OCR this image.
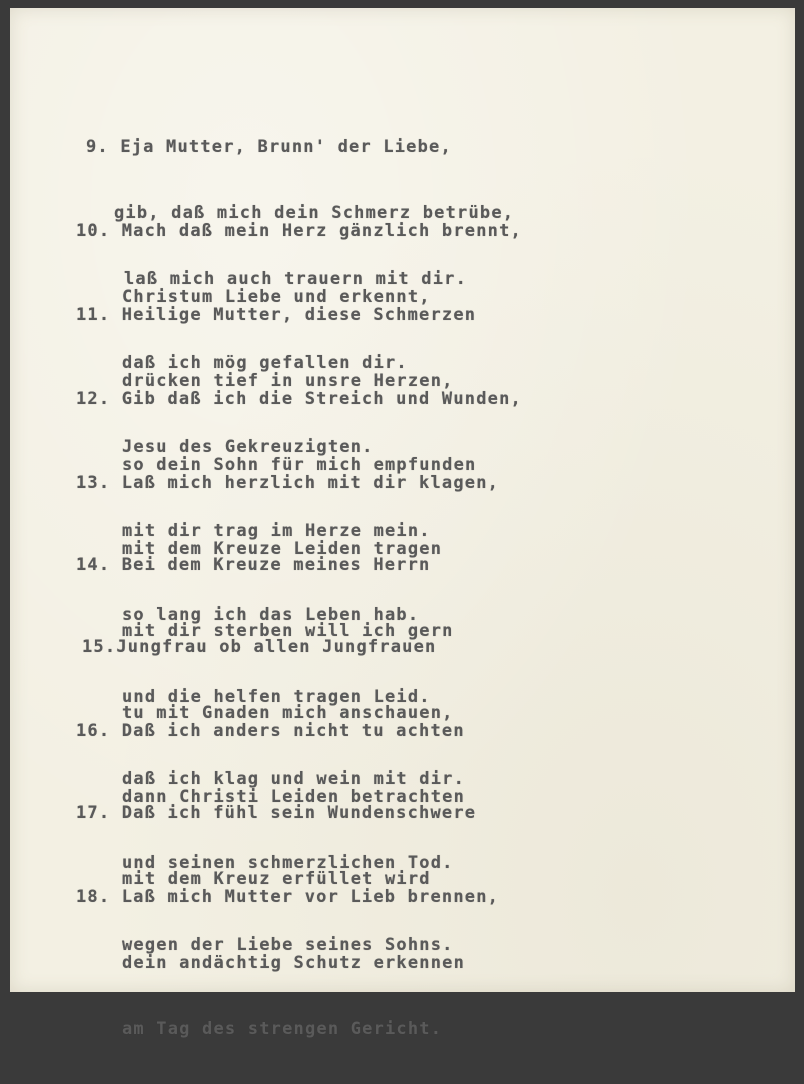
9. Eja Mutter, Brunn' der Liebe,

gib, daß mich dein Schmerz betrübe,

laß mich auch trauern mit dir.

10. Mach daß mein Herz gänzlich brennt,

Christum Liebe und erkennt,

daß ich mög gefallen dir.

11. Heilige Mutter, diese Schmerzen

drücken tief in unsre Herzen,

Jesu des Gekreuzigten.

12. Gib daß ich die Streich und Wunden,

so dein Sohn für mich empfunden

mit dir trag im Herze mein.

13. Laß mich herzlich mit dir klagen,

mit dem Kreuze Leiden tragen

so lang ich das Leben hab.

14. Bei dem Kreuze meines Herrn

mit dir sterben will ich gern

und die helfen tragen Leid.

15.Jungfrau ob allen Jungfrauen

tu mit Gnaden mich anschauen,

daß ich klag und wein mit dir.

16. Daß ich anders nicht tu achten

dann Christi Leiden betrachten

und seinen schmerzlichen Tod.

17. Daß ich fühl sein Wundenschwere

mit dem Kreuz erfüllet wird

wegen der Liebe seines Sohns.

18. Laß mich Mutter vor Lieb brennen,

dein andächtig Schutz erkennen

am Tag des strengen Gericht.
